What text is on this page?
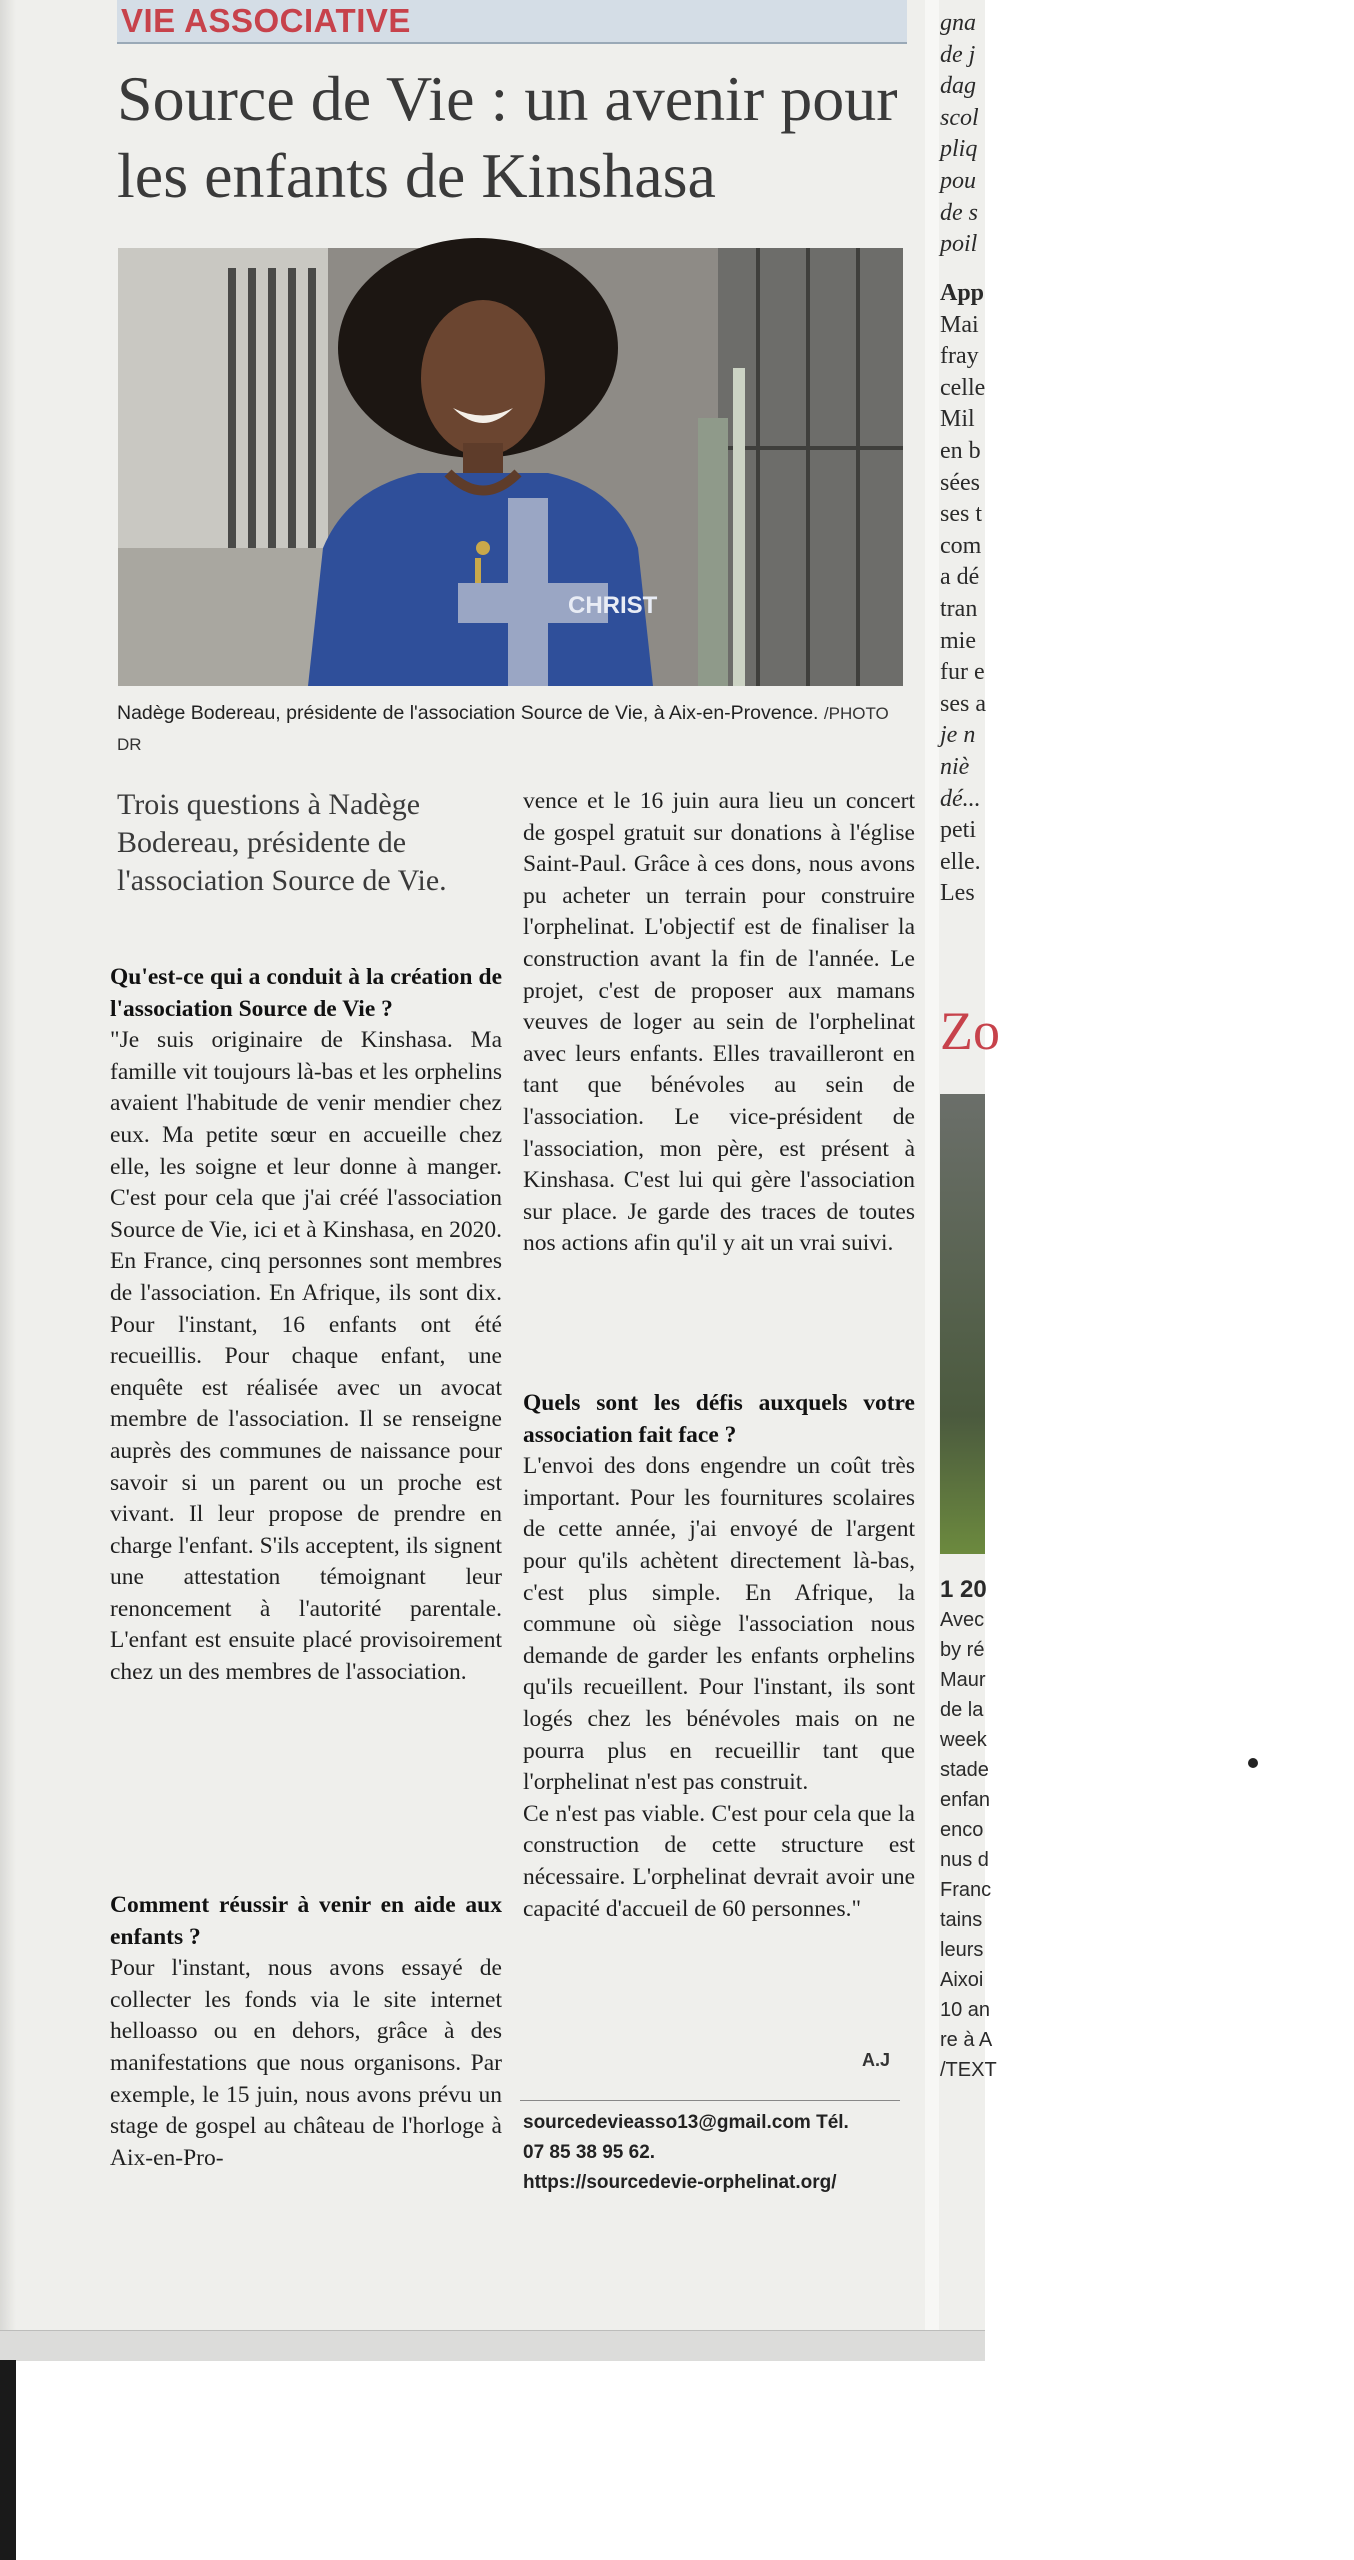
VIE ASSOCIATIVE
Source de Vie : un avenir pour les enfants de Kinshasa
CHRIST
Nadège Bodereau, présidente de l'association Source de Vie, à Aix-en-Provence. /PHOTO DR
Trois questions à Nadège Bodereau, présidente de l'association Source de Vie.

Qu'est-ce qui a conduit à la création de l'association Source de Vie ?

"Je suis originaire de Kinshasa. Ma famille vit toujours là-bas et les orphelins avaient l'habitude de venir mendier chez eux. Ma petite sœur en accueille chez elle, les soigne et leur donne à manger. C'est pour cela que j'ai créé l'association Source de Vie, ici et à Kinshasa, en 2020. En France, cinq personnes sont membres de l'association. En Afrique, ils sont dix. Pour l'instant, 16 enfants ont été recueillis. Pour chaque enfant, une enquête est réalisée avec un avocat membre de l'association. Il se renseigne auprès des communes de naissance pour savoir si un parent ou un proche est vivant. Il leur propose de prendre en charge l'enfant. S'ils acceptent, ils signent une attestation témoignant leur renoncement à l'autorité parentale. L'enfant est ensuite placé provisoirement chez un des membres de l'association.

Comment réussir à venir en aide aux enfants ?

Pour l'instant, nous avons essayé de collecter les fonds via le site internet helloasso ou en dehors, grâce à des manifestations que nous organisons. Par exemple, le 15 juin, nous avons prévu un stage de gospel au château de l'horloge à Aix-en-Pro-

vence et le 16 juin aura lieu un concert de gospel gratuit sur donations à l'église Saint-Paul. Grâce à ces dons, nous avons pu acheter un terrain pour construire l'orphelinat. L'objectif est de finaliser la construction avant la fin de l'année. Le projet, c'est de proposer aux mamans veuves de loger au sein de l'orphelinat avec leurs enfants. Elles travailleront en tant que bénévoles au sein de l'association. Le vice-président de l'association, mon père, est présent à Kinshasa. C'est lui qui gère l'association sur place. Je garde des traces de toutes nos actions afin qu'il y ait un vrai suivi.

Quels sont les défis auxquels votre association fait face ?

L'envoi des dons engendre un coût très important. Pour les fournitures scolaires de cette année, j'ai envoyé de l'argent pour qu'ils achètent directement là-bas, c'est plus simple. En Afrique, la commune où siège l'association nous demande de garder les enfants orphelins qu'ils recueillent. Pour l'instant, ils sont logés chez les bénévoles mais on ne pourra plus en recueillir tant que l'orphelinat n'est pas construit.

Ce n'est pas viable. C'est pour cela que la construction de cette structure est nécessaire. L'orphelinat devrait avoir une capacité d'accueil de 60 personnes."

A.J
sourcedevieasso13@gmail.com Tél.
07 85 38 95 62.
https://sourcedevie-orphelinat.org/
gna
de j
dag
scol
pliq
pou
de s
poil
App
Mai
fray
celle
Mil
en b
sées
ses t
com
a dé
tran
mie
fur e
ses a
je n
niè
dé...
peti
elle.
Les
Zo
1 20
Avec
by ré
Maur
de la
week
stade
enfan
enco
nus d
Franc
tains
leurs
Aixoi
10 an
re à A
/TEXT
